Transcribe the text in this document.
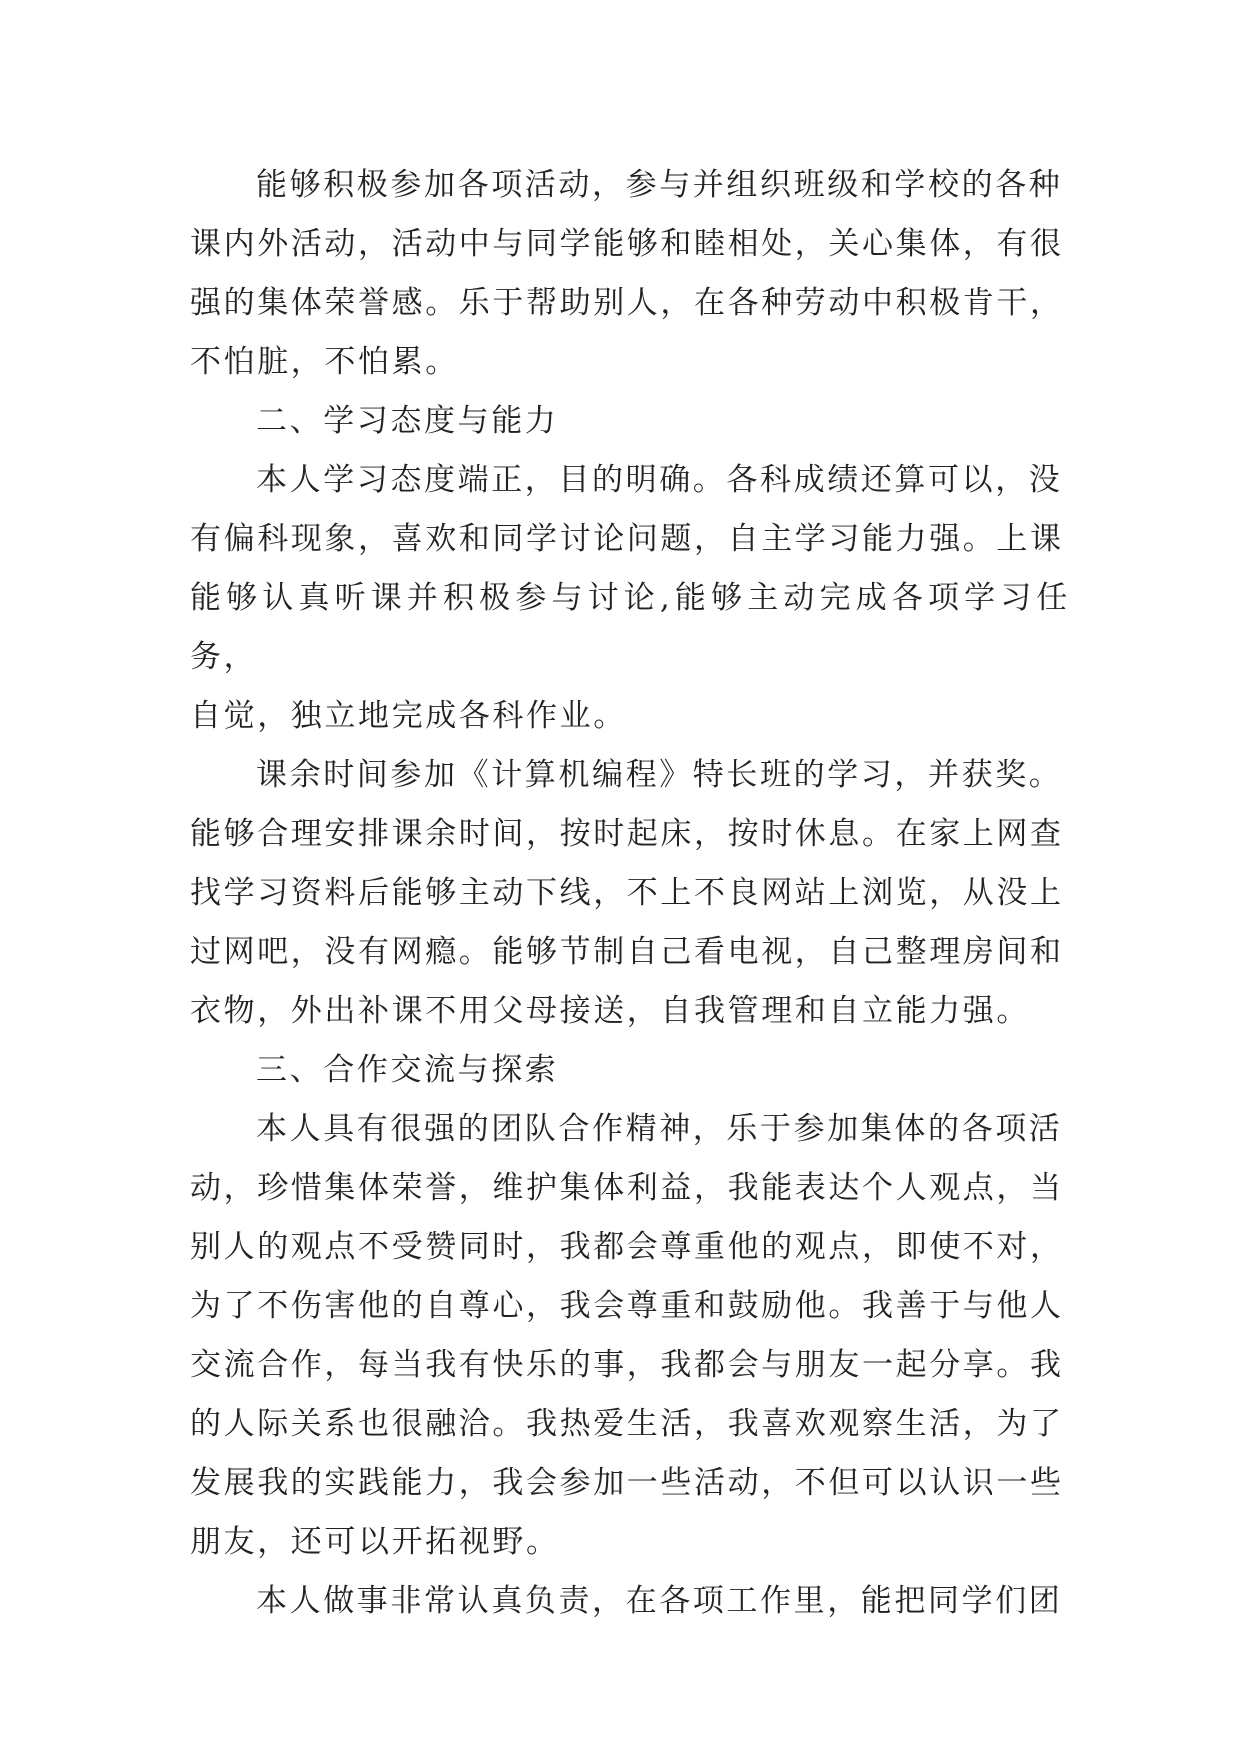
能够积极参加各项活动，参与并组织班级和学校的各种
课内外活动，活动中与同学能够和睦相处，关心集体，有很
强的集体荣誉感。乐于帮助别人，在各种劳动中积极肯干，
不怕脏，不怕累。

二、学习态度与能力

本人学习态度端正，目的明确。各科成绩还算可以，没
有偏科现象，喜欢和同学讨论问题，自主学习能力强。上课
能够认真听课并积极参与讨论,能够主动完成各项学习任务，
自觉，独立地完成各科作业。

课余时间参加《计算机编程》特长班的学习，并获奖。
能够合理安排课余时间，按时起床，按时休息。在家上网查
找学习资料后能够主动下线，不上不良网站上浏览，从没上
过网吧，没有网瘾。能够节制自己看电视，自己整理房间和
衣物，外出补课不用父母接送，自我管理和自立能力强。

三、合作交流与探索

本人具有很强的团队合作精神，乐于参加集体的各项活
动，珍惜集体荣誉，维护集体利益，我能表达个人观点，当
别人的观点不受赞同时，我都会尊重他的观点，即使不对，
为了不伤害他的自尊心，我会尊重和鼓励他。我善于与他人
交流合作，每当我有快乐的事，我都会与朋友一起分享。我
的人际关系也很融洽。我热爱生活，我喜欢观察生活，为了
发展我的实践能力，我会参加一些活动，不但可以认识一些
朋友，还可以开拓视野。

本人做事非常认真负责，在各项工作里，能把同学们团
